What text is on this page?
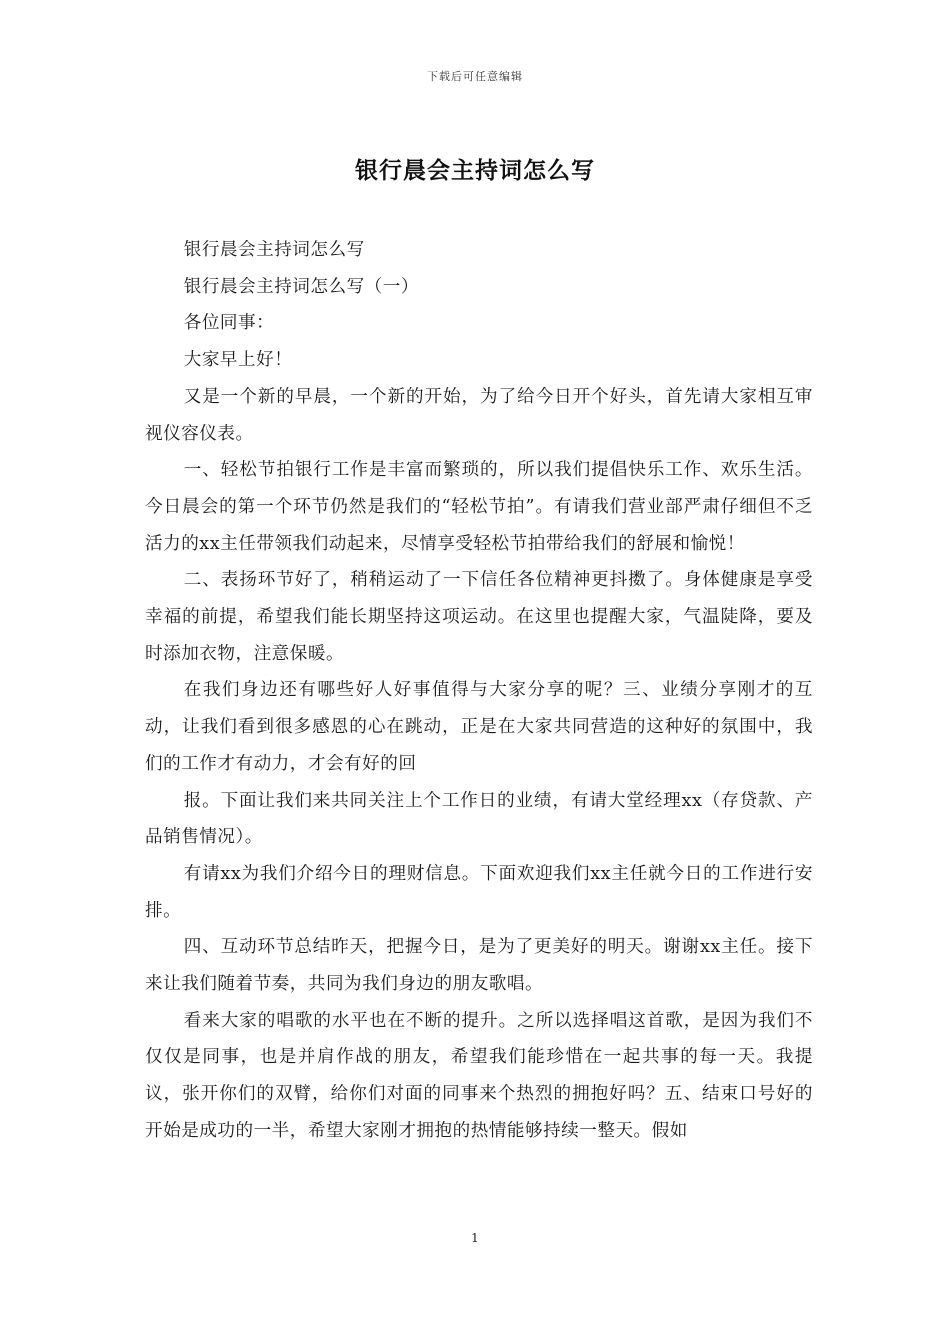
下载后可任意编辑
银行晨会主持词怎么写

银行晨会主持词怎么写

银行晨会主持词怎么写（一）

各位同事：

大家早上好！

又是一个新的早晨，一个新的开始，为了给今日开个好头，首先请大家相互审视仪容仪表。

一、轻松节拍银行工作是丰富而繁琐的，所以我们提倡快乐工作、欢乐生活。今日晨会的第一个环节仍然是我们的“轻松节拍”。有请我们营业部严肃仔细但不乏活力的xx主任带领我们动起来，尽情享受轻松节拍带给我们的舒展和愉悦！

二、表扬环节好了，稍稍运动了一下信任各位精神更抖擞了。身体健康是享受幸福的前提，希望我们能长期坚持这项运动。在这里也提醒大家，气温陡降，要及时添加衣物，注意保暖。

在我们身边还有哪些好人好事值得与大家分享的呢？三、业绩分享刚才的互动，让我们看到很多感恩的心在跳动，正是在大家共同营造的这种好的氛围中，我们的工作才有动力，才会有好的回

报。下面让我们来共同关注上个工作日的业绩，有请大堂经理xx（存贷款、产品销售情况）。

有请xx为我们介绍今日的理财信息。下面欢迎我们xx主任就今日的工作进行安排。

四、互动环节总结昨天，把握今日，是为了更美好的明天。谢谢xx主任。接下来让我们随着节奏，共同为我们身边的朋友歌唱。

看来大家的唱歌的水平也在不断的提升。之所以选择唱这首歌，是因为我们不仅仅是同事，也是并肩作战的朋友，希望我们能珍惜在一起共事的每一天。我提议，张开你们的双臂，给你们对面的同事来个热烈的拥抱好吗？五、结束口号好的开始是成功的一半，希望大家刚才拥抱的热情能够持续一整天。假如

1
